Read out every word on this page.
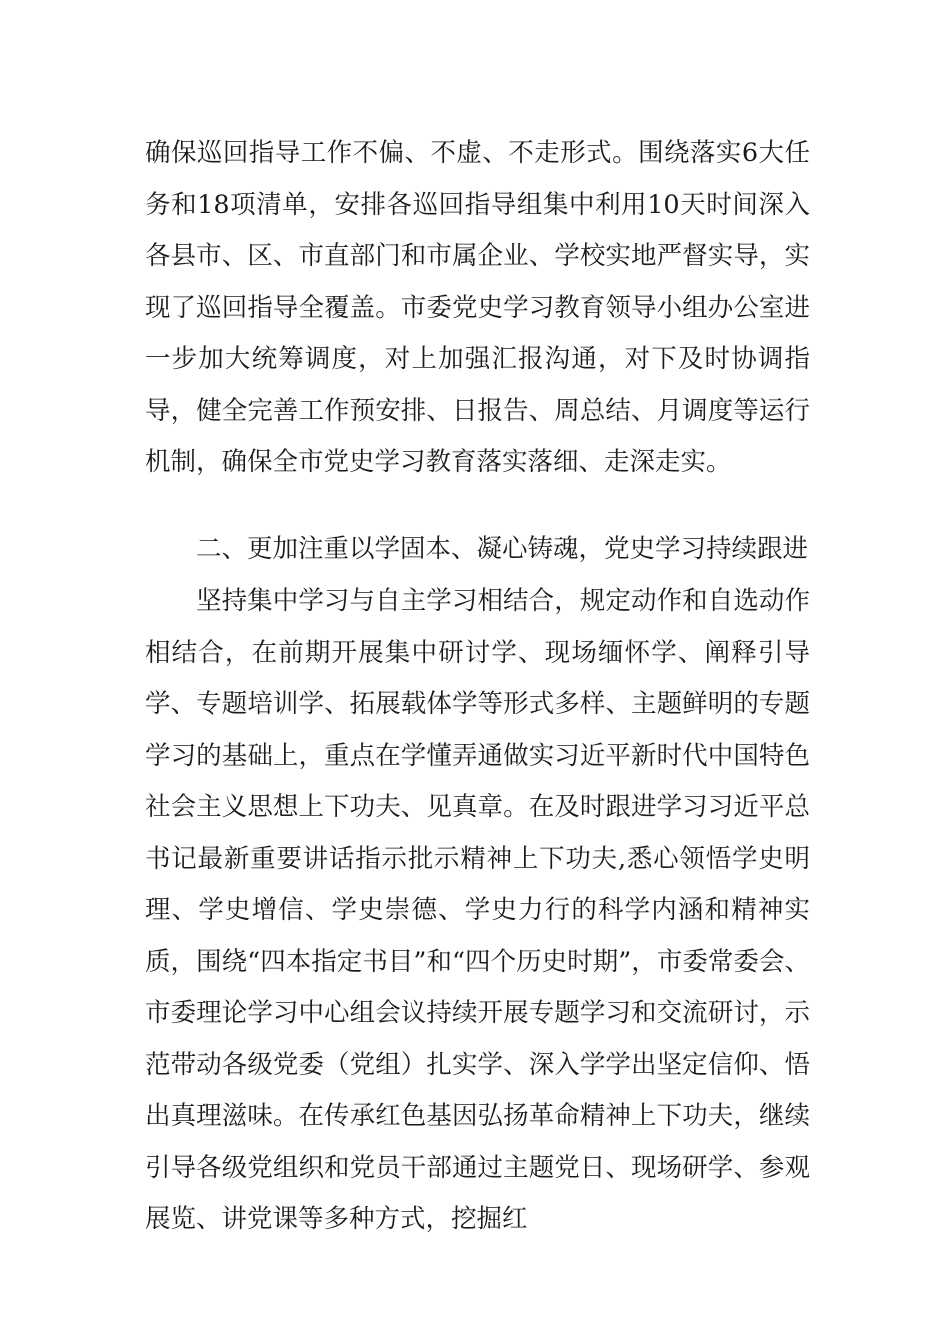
确保巡回指导工作不偏、不虚、不走形式。围绕落实6大任务和18项清单，安排各巡回指导组集中利用10天时间深入各县市、区、市直部门和市属企业、学校实地严督实导，实现了巡回指导全覆盖。市委党史学习教育领导小组办公室进一步加大统筹调度，对上加强汇报沟通，对下及时协调指导，健全完善工作预安排、日报告、周总结、月调度等运行机制，确保全市党史学习教育落实落细、走深走实。

二、更加注重以学固本、凝心铸魂，党史学习持续跟进

坚持集中学习与自主学习相结合，规定动作和自选动作相结合，在前期开展集中研讨学、现场缅怀学、阐释引导学、专题培训学、拓展载体学等形式多样、主题鲜明的专题学习的基础上，重点在学懂弄通做实习近平新时代中国特色社会主义思想上下功夫、见真章。在及时跟进学习习近平总书记最新重要讲话指示批示精神上下功夫,悉心领悟学史明理、学史增信、学史崇德、学史力行的科学内涵和精神实质，围绕“四本指定书目”和“四个历史时期”，市委常委会、市委理论学习中心组会议持续开展专题学习和交流研讨，示范带动各级党委（党组）扎实学、深入学学出坚定信仰、悟出真理滋味。在传承红色基因弘扬革命精神上下功夫，继续引导各级党组织和党员干部通过主题党日、现场研学、参观展览、讲党课等多种方式，挖掘红
